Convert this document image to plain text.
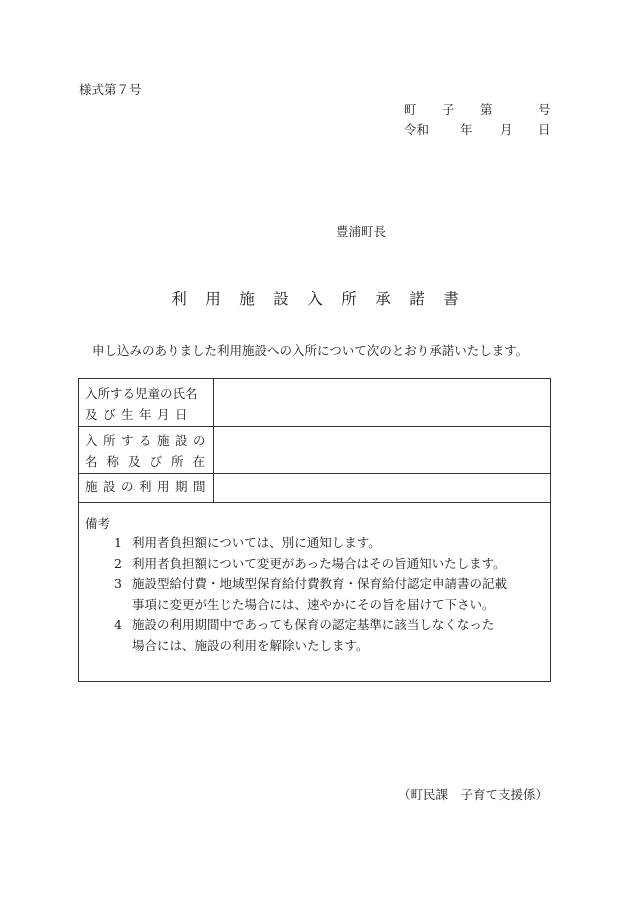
様式第７号
町 子 第	号
令和 年 月 日
豊浦町長
利 用 施 設 入 所 承 諾 書
申し込みのありました利用施設への入所について次のとおり承諾いたします。
入所する児童の氏名
及び生年月日
入所する施設の
名称及び所在
施設の利用期間
備考
1 利用者負担額については、別に通知します。
2 利用者負担額について変更があった場合はその旨通知いたします。
3 施設型給付費・地域型保育給付費教育・保育給付認定申請書の記載
事項に変更が生じた場合には、速やかにその旨を届けて下さい。
4 施設の利用期間中であっても保育の認定基準に該当しなくなった
場合には、施設の利用を解除いたします。
（町民課　子育て支援係）
